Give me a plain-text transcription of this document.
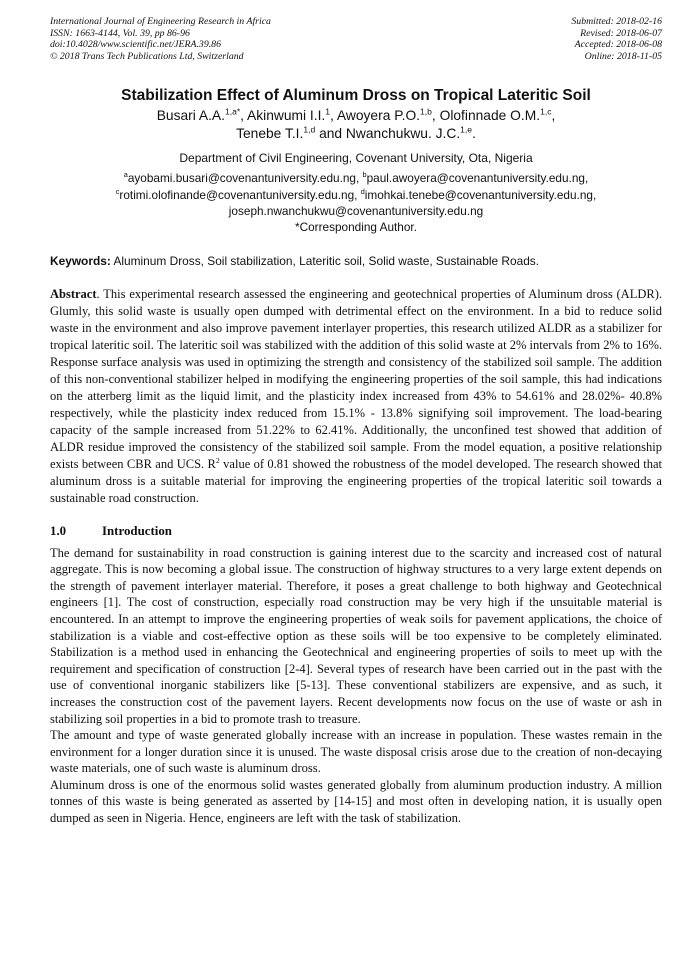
International Journal of Engineering Research in Africa
ISSN: 1663-4144, Vol. 39, pp 86-96
doi:10.4028/www.scientific.net/JERA.39.86
© 2018 Trans Tech Publications Ltd, Switzerland
Submitted: 2018-02-16
Revised: 2018-06-07
Accepted: 2018-06-08
Online: 2018-11-05
Stabilization Effect of Aluminum Dross on Tropical Lateritic Soil
Busari A.A.$^{1,a*}$, Akinwumi I.I.$^1$, Awoyera P.O.$^{1,b}$, Olofinnade O.M.$^{1,c}$,
Tenebe T.I.$^{1,d}$ and Nwanchukwu. J.C.$^{1,e}$.
Department of Civil Engineering, Covenant University, Ota, Nigeria
$^a$ayobami.busari@covenantuniversity.edu.ng, $^b$paul.awoyera@covenantuniversity.edu.ng,
$^c$rotimi.olofinande@covenantuniversity.edu.ng, $^d$imohkai.tenebe@covenantuniversity.edu.ng,
joseph.nwanchukwu@covenantuniversity.edu.ng
*Corresponding Author.
Keywords: Aluminum Dross, Soil stabilization, Lateritic soil, Solid waste, Sustainable Roads.

Abstract. This experimental research assessed the engineering and geotechnical properties of Aluminum dross (ALDR). Glumly, this solid waste is usually open dumped with detrimental effect on the environment. In a bid to reduce solid waste in the environment and also improve pavement interlayer properties, this research utilized ALDR as a stabilizer for tropical lateritic soil. The lateritic soil was stabilized with the addition of this solid waste at 2% intervals from 2% to 16%. Response surface analysis was used in optimizing the strength and consistency of the stabilized soil sample. The addition of this non-conventional stabilizer helped in modifying the engineering properties of the soil sample, this had indications on the atterberg limit as the liquid limit, and the plasticity index increased from 43% to 54.61% and 28.02%- 40.8% respectively, while the plasticity index reduced from 15.1% - 13.8% signifying soil improvement. The load-bearing capacity of the sample increased from 51.22% to 62.41%. Additionally, the unconfined test showed that addition of ALDR residue improved the consistency of the stabilized soil sample. From the model equation, a positive relationship exists between CBR and UCS. $R^2$ value of 0.81 showed the robustness of the model developed. The research showed that aluminum dross is a suitable material for improving the engineering properties of the tropical lateritic soil towards a sustainable road construction.

1.0	Introduction

The demand for sustainability in road construction is gaining interest due to the scarcity and increased cost of natural aggregate. This is now becoming a global issue. The construction of highway structures to a very large extent depends on the strength of pavement interlayer material. Therefore, it poses a great challenge to both highway and Geotechnical engineers [1]. The cost of construction, especially road construction may be very high if the unsuitable material is encountered. In an attempt to improve the engineering properties of weak soils for pavement applications, the choice of stabilization is a viable and cost-effective option as these soils will be too expensive to be completely eliminated. Stabilization is a method used in enhancing the Geotechnical and engineering properties of soils to meet up with the requirement and specification of construction [2-4]. Several types of research have been carried out in the past with the use of conventional inorganic stabilizers like [5-13]. These conventional stabilizers are expensive, and as such, it increases the construction cost of the pavement layers. Recent developments now focus on the use of waste or ash in stabilizing soil properties in a bid to promote trash to treasure.

The amount and type of waste generated globally increase with an increase in population. These wastes remain in the environment for a longer duration since it is unused. The waste disposal crisis arose due to the creation of non-decaying waste materials, one of such waste is aluminum dross.

Aluminum dross is one of the enormous solid wastes generated globally from aluminum production industry. A million tonnes of this waste is being generated as asserted by [14-15] and most often in developing nation, it is usually open dumped as seen in Nigeria. Hence, engineers are left with the task of stabilization.
